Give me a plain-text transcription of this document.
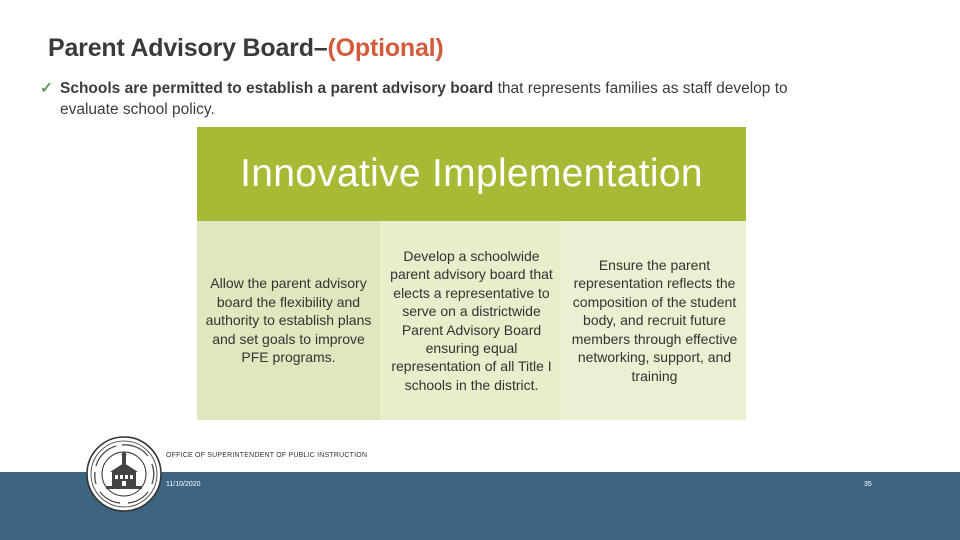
Parent Advisory Board–(Optional)
✓ Schools are permitted to establish a parent advisory board that represents families as staff develop to evaluate school policy.
Innovative Implementation
Allow the parent advisory board the flexibility and authority to establish plans and set goals to improve PFE programs.
Develop a schoolwide parent advisory board that elects a representative to serve on a districtwide Parent Advisory Board ensuring equal representation of all Title I schools in the district.
Ensure the parent representation reflects the composition of the student body, and recruit future members through effective networking, support, and training
OFFICE OF SUPERINTENDENT OF PUBLIC INSTRUCTION
11/10/2020	35
